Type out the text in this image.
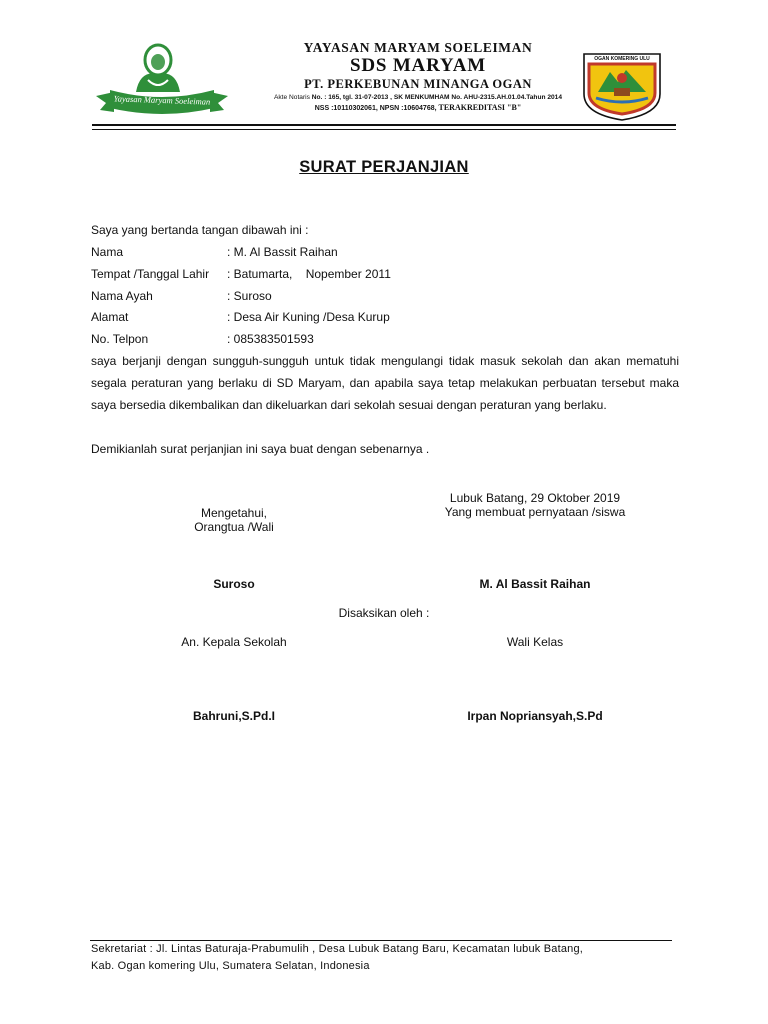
Yayasan Maryam Soeleiman
YAYASAN MARYAM SOELEIMAN
SDS MARYAM
PT. PERKEBUNAN MINANGA OGAN
Akte Notaris No. : 165, tgl. 31-07-2013 , SK MENKUMHAM No. AHU-2315.AH.01.04.Tahun 2014
NSS :10110302061, NPSN :10604768, TERAKREDITASI "B"
OGAN KOMERING ULU
SURAT PERJANJIAN
Saya yang bertanda tangan dibawah ini :
Nama	: M. Al Bassit Raihan
Tempat /Tanggal Lahir : Batumarta,    Nopember 2011
Nama Ayah	: Suroso
Alamat	: Desa Air Kuning /Desa Kurup
No. Telpon	: 085383501593
saya berjanji dengan sungguh-sungguh untuk tidak mengulangi tidak masuk sekolah dan akan mematuhi segala peraturan yang berlaku di SD Maryam, dan apabila saya tetap melakukan perbuatan tersebut maka saya bersedia dikembalikan dan dikeluarkan dari sekolah sesuai dengan peraturan yang berlaku.
Demikianlah surat perjanjian ini saya buat dengan sebenarnya .
Lubuk Batang, 29 Oktober 2019
Yang membuat pernyataan /siswa
Mengetahui,
Orangtua /Wali
Suroso	M. Al Bassit Raihan
Disaksikan oleh :
An. Kepala Sekolah	Wali Kelas
Bahruni,S.Pd.I	Irpan Nopriansyah,S.Pd
Sekretariat : Jl. Lintas Baturaja-Prabumulih , Desa Lubuk Batang Baru, Kecamatan lubuk Batang,
Kab. Ogan komering Ulu, Sumatera Selatan, Indonesia
